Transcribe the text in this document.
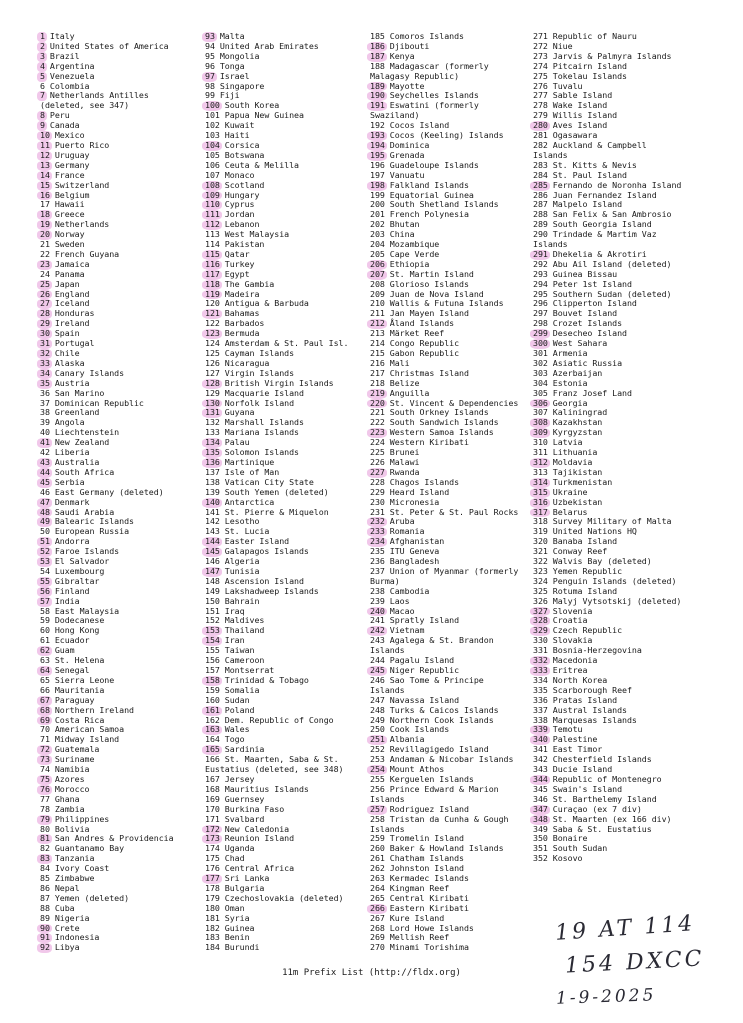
1 Italy
2 United States of America
3 Brazil
4 Argentina
5 Venezuela
6 Colombia
7 Netherlands Antilles
(deleted, see 347)
8 Peru
9 Canada
10 Mexico
11 Puerto Rico
12 Uruguay
13 Germany
14 France
15 Switzerland
16 Belgium
17 Hawaii
18 Greece
19 Netherlands
20 Norway
21 Sweden
22 French Guyana
23 Jamaica
24 Panama
25 Japan
26 England
27 Iceland
28 Honduras
29 Ireland
30 Spain
31 Portugal
32 Chile
33 Alaska
34 Canary Islands
35 Austria
36 San Marino
37 Dominican Republic
38 Greenland
39 Angola
40 Liechtenstein
41 New Zealand
42 Liberia
43 Australia
44 South Africa
45 Serbia
46 East Germany (deleted)
47 Denmark
48 Saudi Arabia
49 Balearic Islands
50 European Russia
51 Andorra
52 Faroe Islands
53 El Salvador
54 Luxembourg
55 Gibraltar
56 Finland
57 India
58 East Malaysia
59 Dodecanese
60 Hong Kong
61 Ecuador
62 Guam
63 St. Helena
64 Senegal
65 Sierra Leone
66 Mauritania
67 Paraguay
68 Northern Ireland
69 Costa Rica
70 American Samoa
71 Midway Island
72 Guatemala
73 Suriname
74 Namibia
75 Azores
76 Morocco
77 Ghana
78 Zambia
79 Philippines
80 Bolivia
81 San Andres & Providencia
82 Guantanamo Bay
83 Tanzania
84 Ivory Coast
85 Zimbabwe
86 Nepal
87 Yemen (deleted)
88 Cuba
89 Nigeria
90 Crete
91 Indonesia
92 Libya
93 Malta
94 United Arab Emirates
95 Mongolia
96 Tonga
97 Israel
98 Singapore
99 Fiji
100 South Korea
101 Papua New Guinea
102 Kuwait
103 Haiti
104 Corsica
105 Botswana
106 Ceuta & Melilla
107 Monaco
108 Scotland
109 Hungary
110 Cyprus
111 Jordan
112 Lebanon
113 West Malaysia
114 Pakistan
115 Qatar
116 Turkey
117 Egypt
118 The Gambia
119 Madeira
120 Antigua & Barbuda
121 Bahamas
122 Barbados
123 Bermuda
124 Amsterdam & St. Paul Isl.
125 Cayman Islands
126 Nicaragua
127 Virgin Islands
128 British Virgin Islands
129 Macquarie Island
130 Norfolk Island
131 Guyana
132 Marshall Islands
133 Mariana Islands
134 Palau
135 Solomon Islands
136 Martinique
137 Isle of Man
138 Vatican City State
139 South Yemen (deleted)
140 Antarctica
141 St. Pierre & Miquelon
142 Lesotho
143 St. Lucia
144 Easter Island
145 Galapagos Islands
146 Algeria
147 Tunisia
148 Ascension Island
149 Lakshadweep Islands
150 Bahrain
151 Iraq
152 Maldives
153 Thailand
154 Iran
155 Taiwan
156 Cameroon
157 Montserrat
158 Trinidad & Tobago
159 Somalia
160 Sudan
161 Poland
162 Dem. Republic of Congo
163 Wales
164 Togo
165 Sardinia
166 St. Maarten, Saba & St.
Eustatius (deleted, see 348)
167 Jersey
168 Mauritius Islands
169 Guernsey
170 Burkina Faso
171 Svalbard
172 New Caledonia
173 Reunion Island
174 Uganda
175 Chad
176 Central Africa
177 Sri Lanka
178 Bulgaria
179 Czechoslovakia (deleted)
180 Oman
181 Syria
182 Guinea
183 Benin
184 Burundi
185 Comoros Islands
186 Djibouti
187 Kenya
188 Madagascar (formerly
Malagasy Republic)
189 Mayotte
190 Seychelles Islands
191 Eswatini (formerly
Swaziland)
192 Cocos Island
193 Cocos (Keeling) Islands
194 Dominica
195 Grenada
196 Guadeloupe Islands
197 Vanuatu
198 Falkland Islands
199 Equatorial Guinea
200 South Shetland Islands
201 French Polynesia
202 Bhutan
203 China
204 Mozambique
205 Cape Verde
206 Ethiopia
207 St. Martin Island
208 Glorioso Islands
209 Juan de Nova Island
210 Wallis & Futuna Islands
211 Jan Mayen Island
212 Åland Islands
213 Märket Reef
214 Congo Republic
215 Gabon Republic
216 Mali
217 Christmas Island
218 Belize
219 Anguilla
220 St. Vincent & Dependencies
221 South Orkney Islands
222 South Sandwich Islands
223 Western Samoa Islands
224 Western Kiribati
225 Brunei
226 Malawi
227 Rwanda
228 Chagos Islands
229 Heard Island
230 Micronesia
231 St. Peter & St. Paul Rocks
232 Aruba
233 Romania
234 Afghanistan
235 ITU Geneva
236 Bangladesh
237 Union of Myanmar (formerly
Burma)
238 Cambodia
239 Laos
240 Macao
241 Spratly Island
242 Vietnam
243 Agalega & St. Brandon
Islands
244 Pagalu Island
245 Niger Republic
246 Sao Tome & Principe
Islands
247 Navassa Island
248 Turks & Caicos Islands
249 Northern Cook Islands
250 Cook Islands
251 Albania
252 Revillagigedo Island
253 Andaman & Nicobar Islands
254 Mount Athos
255 Kerguelen Islands
256 Prince Edward & Marion
Islands
257 Rodriguez Island
258 Tristan da Cunha & Gough
Islands
259 Tromelin Island
260 Baker & Howland Islands
261 Chatham Islands
262 Johnston Island
263 Kermadec Islands
264 Kingman Reef
265 Central Kiribati
266 Eastern Kiribati
267 Kure Island
268 Lord Howe Islands
269 Mellish Reef
270 Minami Torishima
271 Republic of Nauru
272 Niue
273 Jarvis & Palmyra Islands
274 Pitcairn Island
275 Tokelau Islands
276 Tuvalu
277 Sable Island
278 Wake Island
279 Willis Island
280 Aves Island
281 Ogasawara
282 Auckland & Campbell
Islands
283 St. Kitts & Nevis
284 St. Paul Island
285 Fernando de Noronha Island
286 Juan Fernandez Island
287 Malpelo Island
288 San Felix & San Ambrosio
289 South Georgia Island
290 Trindade & Martim Vaz
Islands
291 Dhekelia & Akrotiri
292 Abu Ail Island (deleted)
293 Guinea Bissau
294 Peter 1st Island
295 Southern Sudan (deleted)
296 Clipperton Island
297 Bouvet Island
298 Crozet Islands
299 Desecheo Island
300 West Sahara
301 Armenia
302 Asiatic Russia
303 Azerbaijan
304 Estonia
305 Franz Josef Land
306 Georgia
307 Kaliningrad
308 Kazakhstan
309 Kyrgyzstan
310 Latvia
311 Lithuania
312 Moldavia
313 Tajikistan
314 Turkmenistan
315 Ukraine
316 Uzbekistan
317 Belarus
318 Survey Military of Malta
319 United Nations HQ
320 Banaba Island
321 Conway Reef
322 Walvis Bay (deleted)
323 Yemen Republic
324 Penguin Islands (deleted)
325 Rotuma Island
326 Malyj Vytsotskij (deleted)
327 Slovenia
328 Croatia
329 Czech Republic
330 Slovakia
331 Bosnia-Herzegovina
332 Macedonia
333 Eritrea
334 North Korea
335 Scarborough Reef
336 Pratas Island
337 Austral Islands
338 Marquesas Islands
339 Temotu
340 Palestine
341 East Timor
342 Chesterfield Islands
343 Ducie Island
344 Republic of Montenegro
345 Swain's Island
346 St. Barthelemy Island
347 Curaçao (ex 7 div)
348 St. Maarten (ex 166 div)
349 Saba & St. Eustatius
350 Bonaire
351 South Sudan
352 Kosovo
11m Prefix List (http://fldx.org)
19 AT 114
154 DXCC
1-9-2025
